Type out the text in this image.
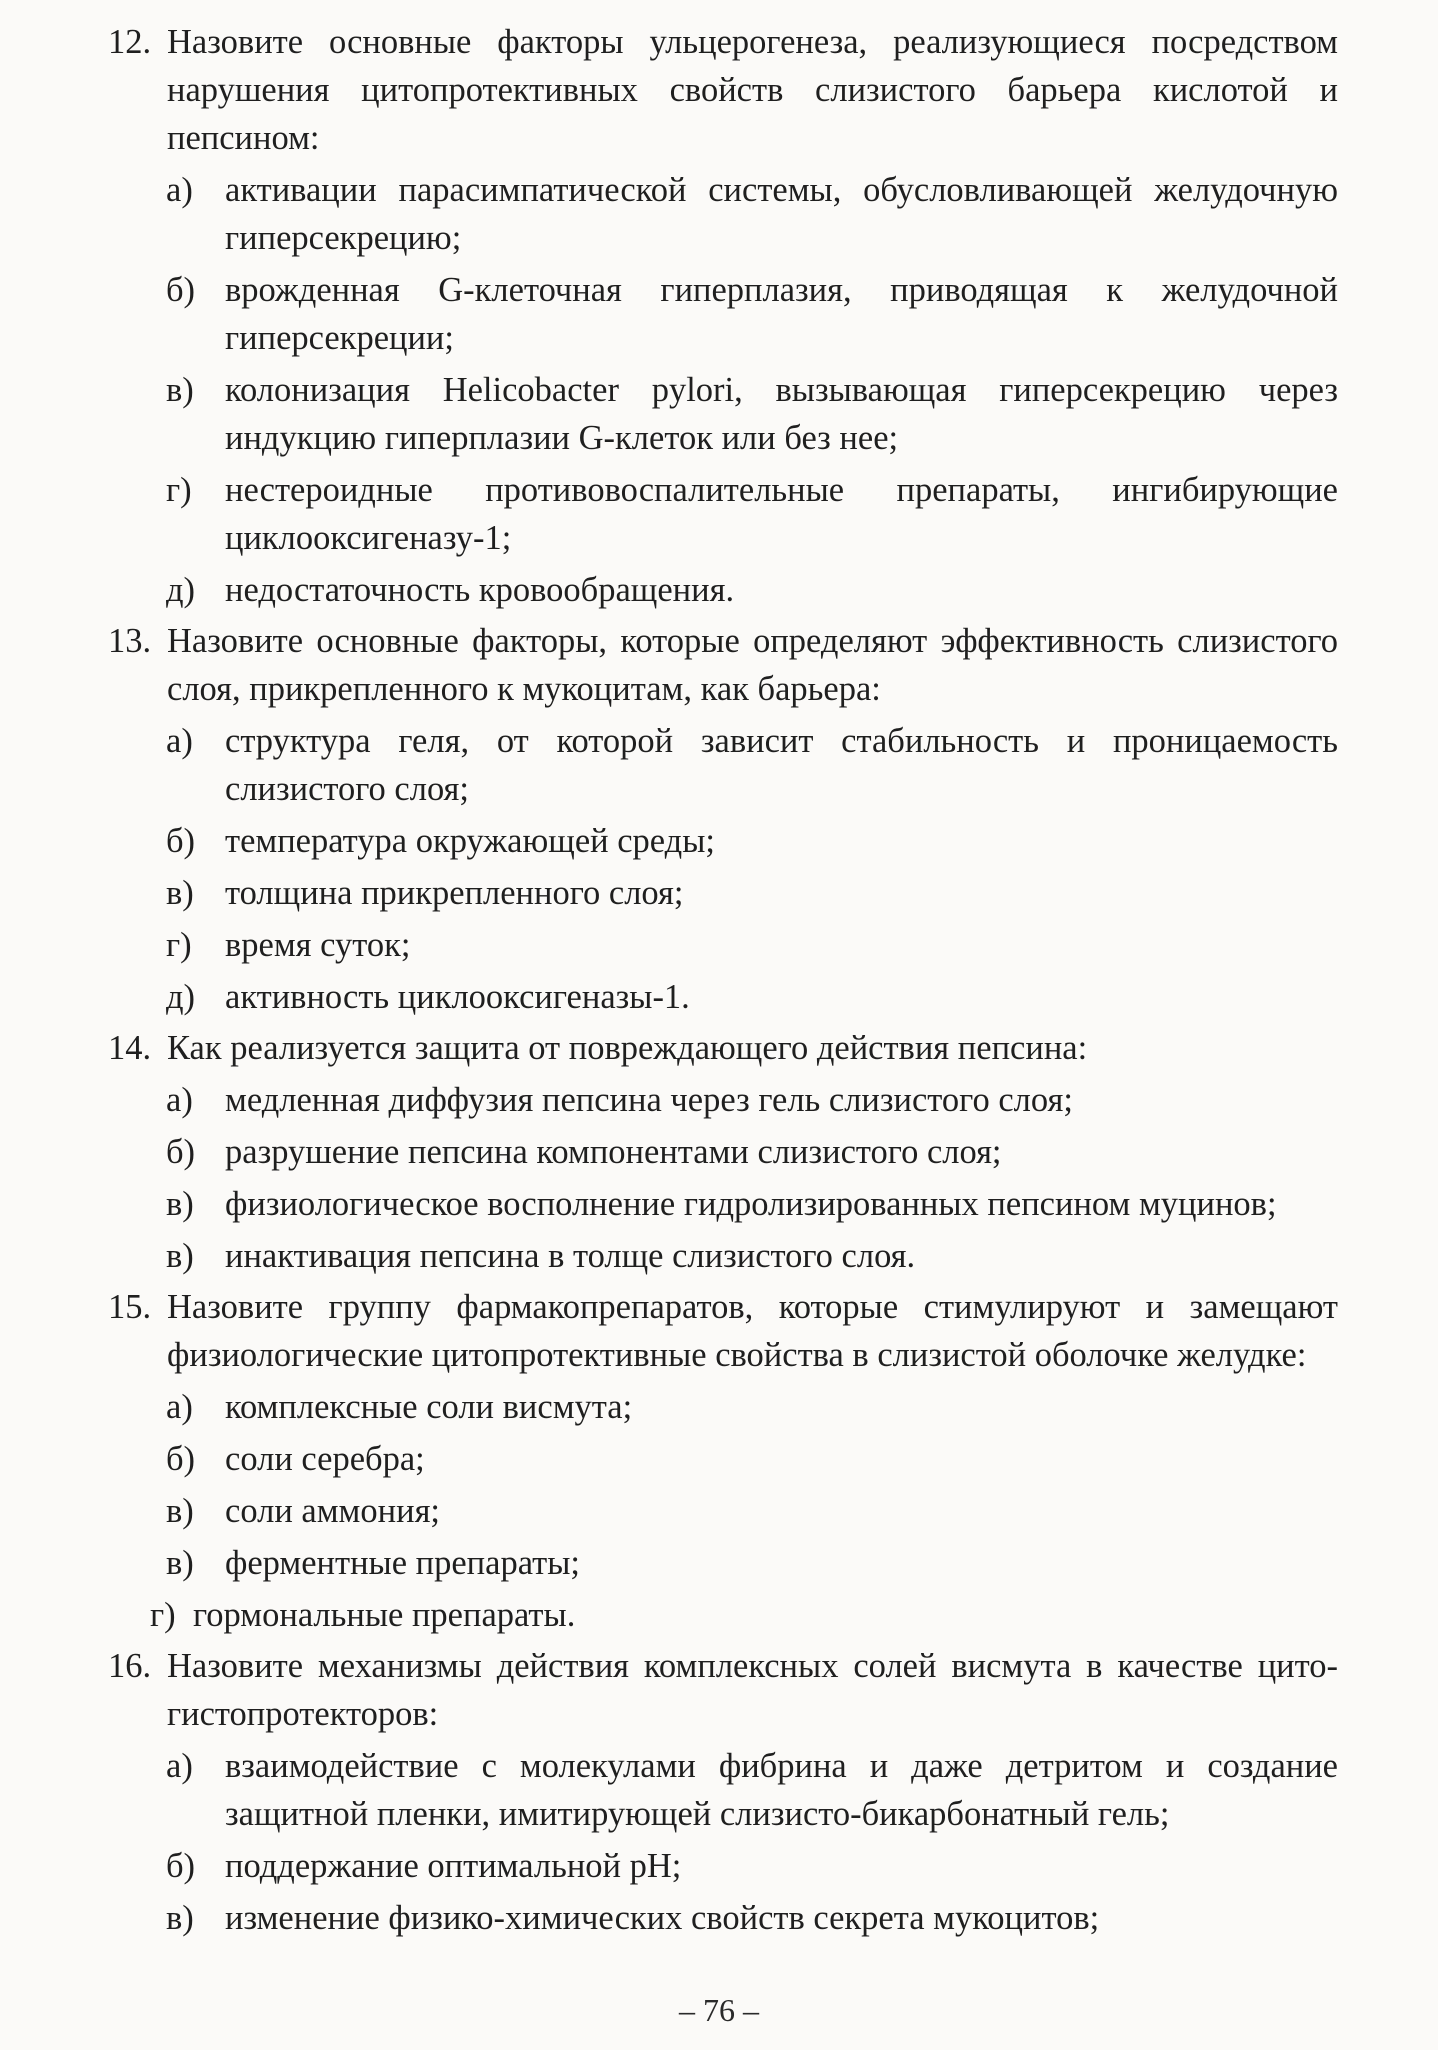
12. Назовите основные факторы ульцерогенеза, реализующиеся посредством нарушения цитопротективных свойств слизистого барьера кислотой и пепсином:
а) активации парасимпатической системы, обусловливающей желудочную гиперсекрецию;
б) врожденная G-клеточная гиперплазия, приводящая к желудочной гиперсекреции;
в) колонизация Helicobacter pylori, вызывающая гиперсекрецию через индукцию гиперплазии G-клеток или без нее;
г) нестероидные противовоспалительные препараты, ингибирующие циклооксигеназу-1;
д) недостаточность кровообращения.
13. Назовите основные факторы, которые определяют эффективность слизистого слоя, прикрепленного к мукоцитам, как барьера:
а) структура геля, от которой зависит стабильность и проницаемость слизистого слоя;
б) температура окружающей среды;
в) толщина прикрепленного слоя;
г) время суток;
д) активность циклооксигеназы-1.
14. Как реализуется защита от повреждающего действия пепсина:
а) медленная диффузия пепсина через гель слизистого слоя;
б) разрушение пепсина компонентами слизистого слоя;
в) физиологическое восполнение гидролизированных пепсином муцинов;
в) инактивация пепсина в толще слизистого слоя.
15. Назовите группу фармакопрепаратов, которые стимулируют и замещают физиологические цитопротективные свойства в слизистой оболочке желудке:
а) комплексные соли висмута;
б) соли серебра;
в) соли аммония;
в) ферментные препараты;
г) гормональные препараты.
16. Назовите механизмы действия комплексных солей висмута в качестве цито-гистопротекторов:
а) взаимодействие с молекулами фибрина и даже детритом и создание защитной пленки, имитирующей слизисто-бикарбонатный гель;
б) поддержание оптимальной pH;
в) изменение физико-химических свойств секрета мукоцитов;
– 76 –
